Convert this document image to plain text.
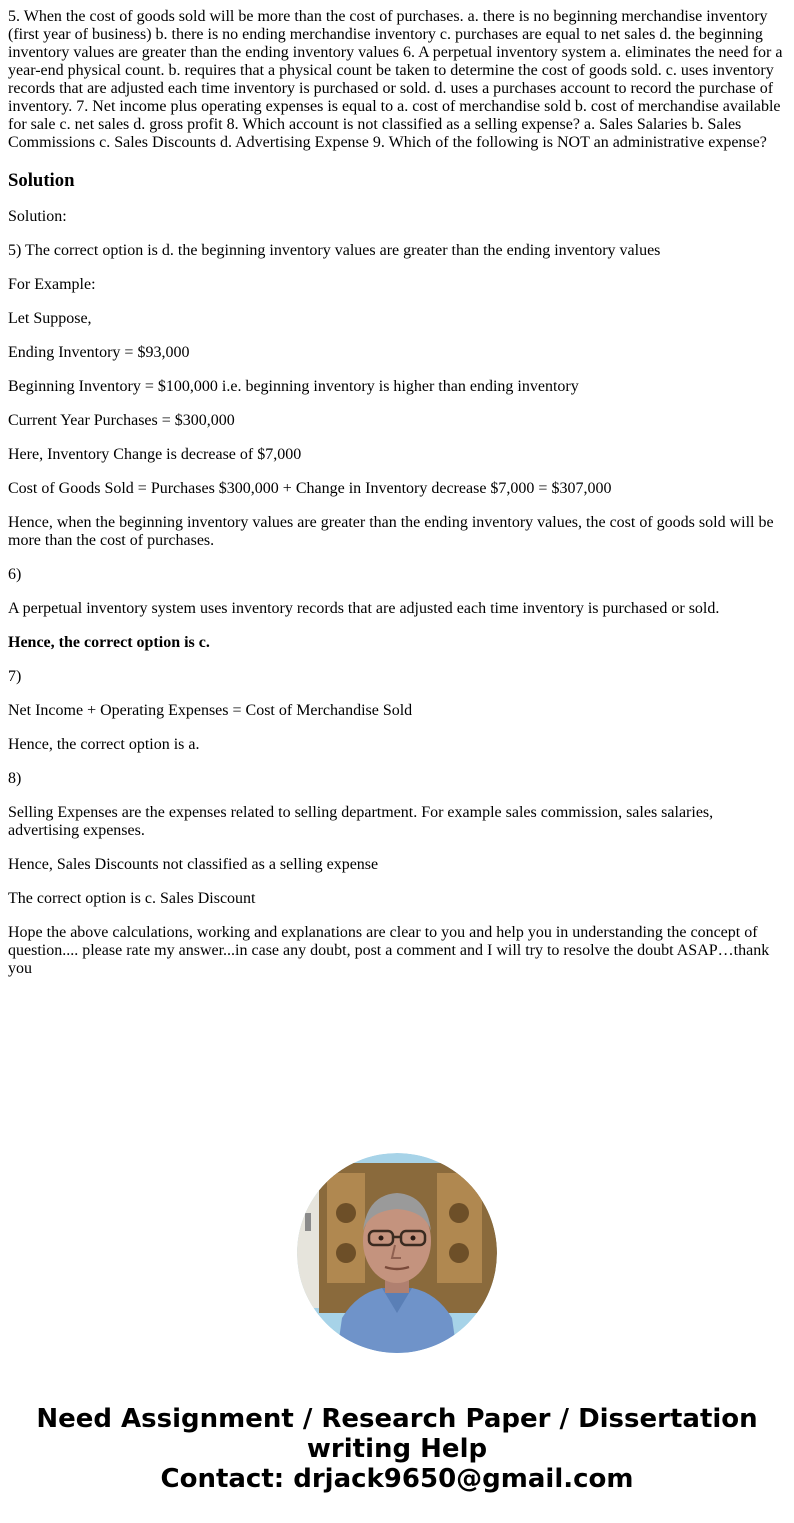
5. When the cost of goods sold will be more than the cost of purchases. a. there is no beginning merchandise inventory (first year of business) b. there is no ending merchandise inventory c. purchases are equal to net sales d. the beginning inventory values are greater than the ending inventory values 6. A perpetual inventory system a. eliminates the need for a year-end physical count. b. requires that a physical count be taken to determine the cost of goods sold. c. uses inventory records that are adjusted each time inventory is purchased or sold. d. uses a purchases account to record the purchase of inventory. 7. Net income plus operating expenses is equal to a. cost of merchandise sold b. cost of merchandise available for sale c. net sales d. gross profit 8. Which account is not classified as a selling expense? a. Sales Salaries b. Sales Commissions c. Sales Discounts d. Advertising Expense 9. Which of the following is NOT an administrative expense?
Solution

Solution:

5) The correct option is d. the beginning inventory values are greater than the ending inventory values

For Example:

Let Suppose,

Ending Inventory = $93,000

Beginning Inventory = $100,000 i.e. beginning inventory is higher than ending inventory

Current Year Purchases = $300,000

Here, Inventory Change is decrease of $7,000

Cost of Goods Sold = Purchases $300,000 + Change in Inventory decrease $7,000 = $307,000

Hence, when the beginning inventory values are greater than the ending inventory values, the cost of goods sold will be more than the cost of purchases.

6)

A perpetual inventory system uses inventory records that are adjusted each time inventory is purchased or sold.

Hence, the correct option is c.

7)

Net Income + Operating Expenses = Cost of Merchandise Sold

Hence, the correct option is a.

8)

Selling Expenses are the expenses related to selling department. For example sales commission, sales salaries, advertising expenses.

Hence, Sales Discounts not classified as a selling expense

The correct option is c. Sales Discount

Hope the above calculations, working and explanations are clear to you and help you in understanding the concept of question.... please rate my answer...in case any doubt, post a comment and I will try to resolve the doubt ASAP…thank you

Need Assignment / Research Paper / Dissertation
writing Help
Contact: drjack9650@gmail.com
